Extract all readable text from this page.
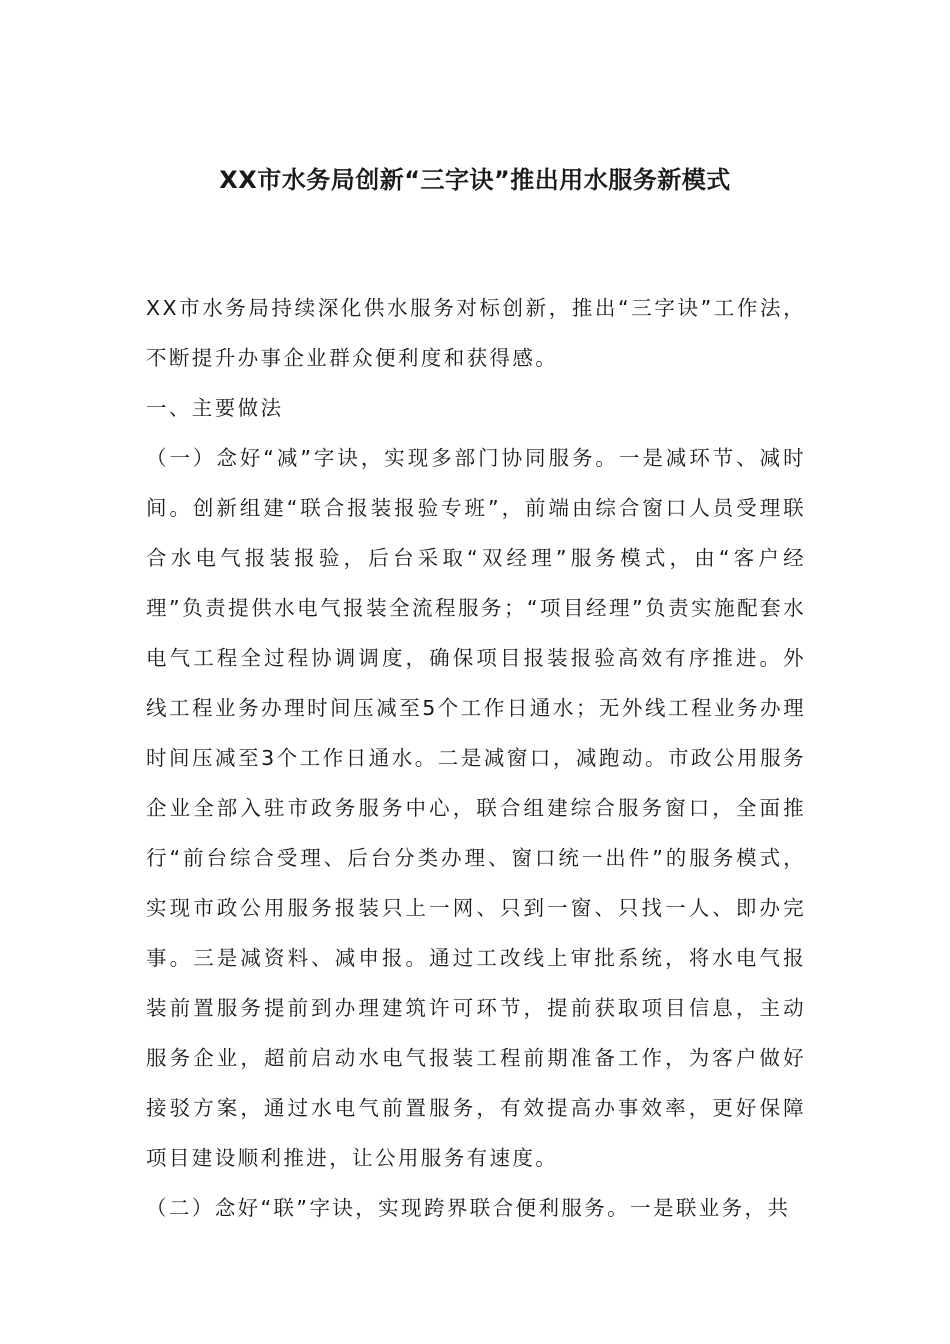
XX市水务局创新“三字诀”推出用水服务新模式

XX市水务局持续深化供水服务对标创新，推出“三字诀”工作法，不断提升办事企业群众便利度和获得感。

一、主要做法

（一）念好“减”字诀，实现多部门协同服务。一是减环节、减时间。创新组建“联合报装报验专班”，前端由综合窗口人员受理联合水电气报装报验，后台采取“双经理”服务模式，由“客户经理”负责提供水电气报装全流程服务；“项目经理”负责实施配套水电气工程全过程协调调度，确保项目报装报验高效有序推进。外线工程业务办理时间压减至5个工作日通水；无外线工程业务办理时间压减至3个工作日通水。二是减窗口，减跑动。市政公用服务企业全部入驻市政务服务中心，联合组建综合服务窗口，全面推行“前台综合受理、后台分类办理、窗口统一出件”的服务模式，实现市政公用服务报装只上一网、只到一窗、只找一人、即办完事。三是减资料、减申报。通过工改线上审批系统，将水电气报装前置服务提前到办理建筑许可环节，提前获取项目信息，主动服务企业，超前启动水电气报装工程前期准备工作，为客户做好接驳方案，通过水电气前置服务，有效提高办事效率，更好保障项目建设顺利推进，让公用服务有速度。

（二）念好“联”字诀，实现跨界联合便利服务。一是联业务，共
